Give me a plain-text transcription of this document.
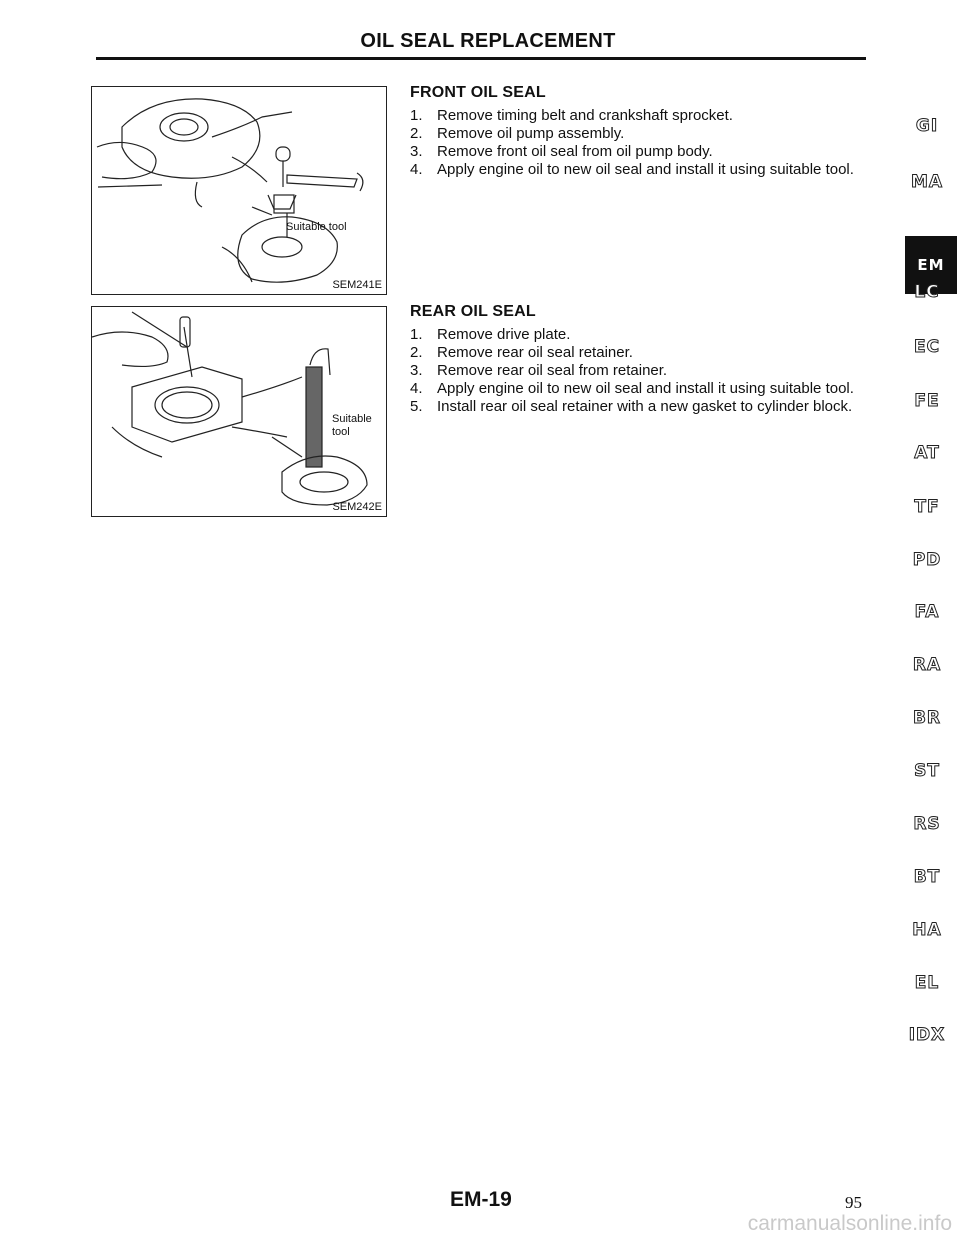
OIL SEAL REPLACEMENT
Suitable tool
SEM241E
Suitable tool
SEM242E
FRONT OIL SEAL
1. Remove timing belt and crankshaft sprocket.
2. Remove oil pump assembly.
3. Remove front oil seal from oil pump body.
4. Apply engine oil to new oil seal and install it using suitable tool.
REAR OIL SEAL
1. Remove drive plate.
2. Remove rear oil seal retainer.
3. Remove rear oil seal from retainer.
4. Apply engine oil to new oil seal and install it using suitable tool.
5. Install rear oil seal retainer with a new gasket to cylinder block.
GI
MA
EM
LC
EC
FE
AT
TF
PD
FA
RA
BR
ST
RS
BT
HA
EL
IDX
EM-19	95
carmanualsonline.info
